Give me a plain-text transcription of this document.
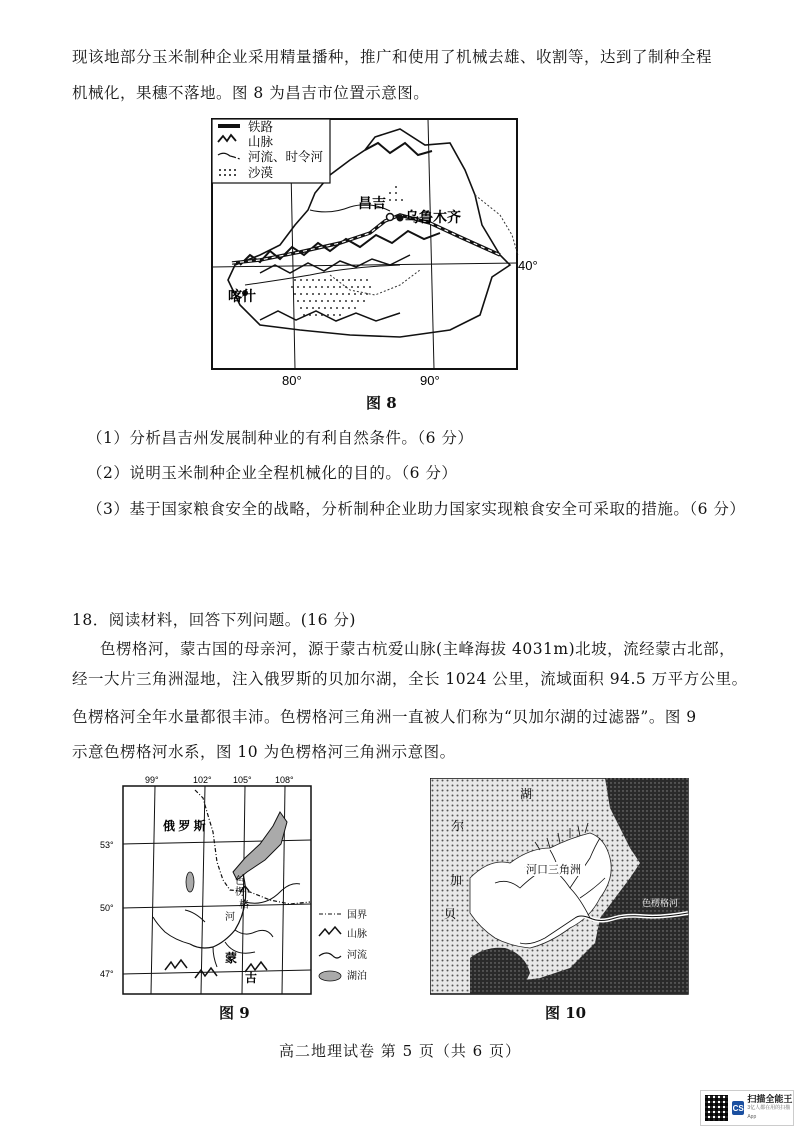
现该地部分玉米制种企业采用精量播种，推广和使用了机械去雄、收割等，达到了制种全程
机械化，果穗不落地。图 8 为昌吉市位置示意图。
铁路
山脉
河流、时令河
沙漠
昌吉
乌鲁木齐
喀什
40°
80°	90°
图 8
（1）分析昌吉州发展制种业的有利自然条件。（6 分）
（2）说明玉米制种企业全程机械化的目的。（6 分）
（3）基于国家粮食安全的战略，分析制种企业助力国家实现粮食安全可采取的措施。（6 分）
18．阅读材料，回答下列问题。(16 分)
色楞格河，蒙古国的母亲河，源于蒙古杭爱山脉(主峰海拔 4031m)北坡，流经蒙古北部，
经一大片三角洲湿地，注入俄罗斯的贝加尔湖，全长 1024 公里，流域面积 94.5 万平方公里。
色楞格河全年水量都很丰沛。色楞格河三角洲一直被人们称为“贝加尔湖的过滤器”。图 9
示意色楞格河水系，图 10 为色楞格河三角洲示意图。
99°	102° 105°	108°
53°
50°
47°
俄 罗 斯
色
楞
格
河
蒙
古
国界
山脉
河流
湖泊
图 9
湖
尔
加
贝
河口三角洲
色楞格河
图 10
高二地理试卷 第 5 页（共 6 页）
CS
扫描全能王
3亿人都在用的扫描App
